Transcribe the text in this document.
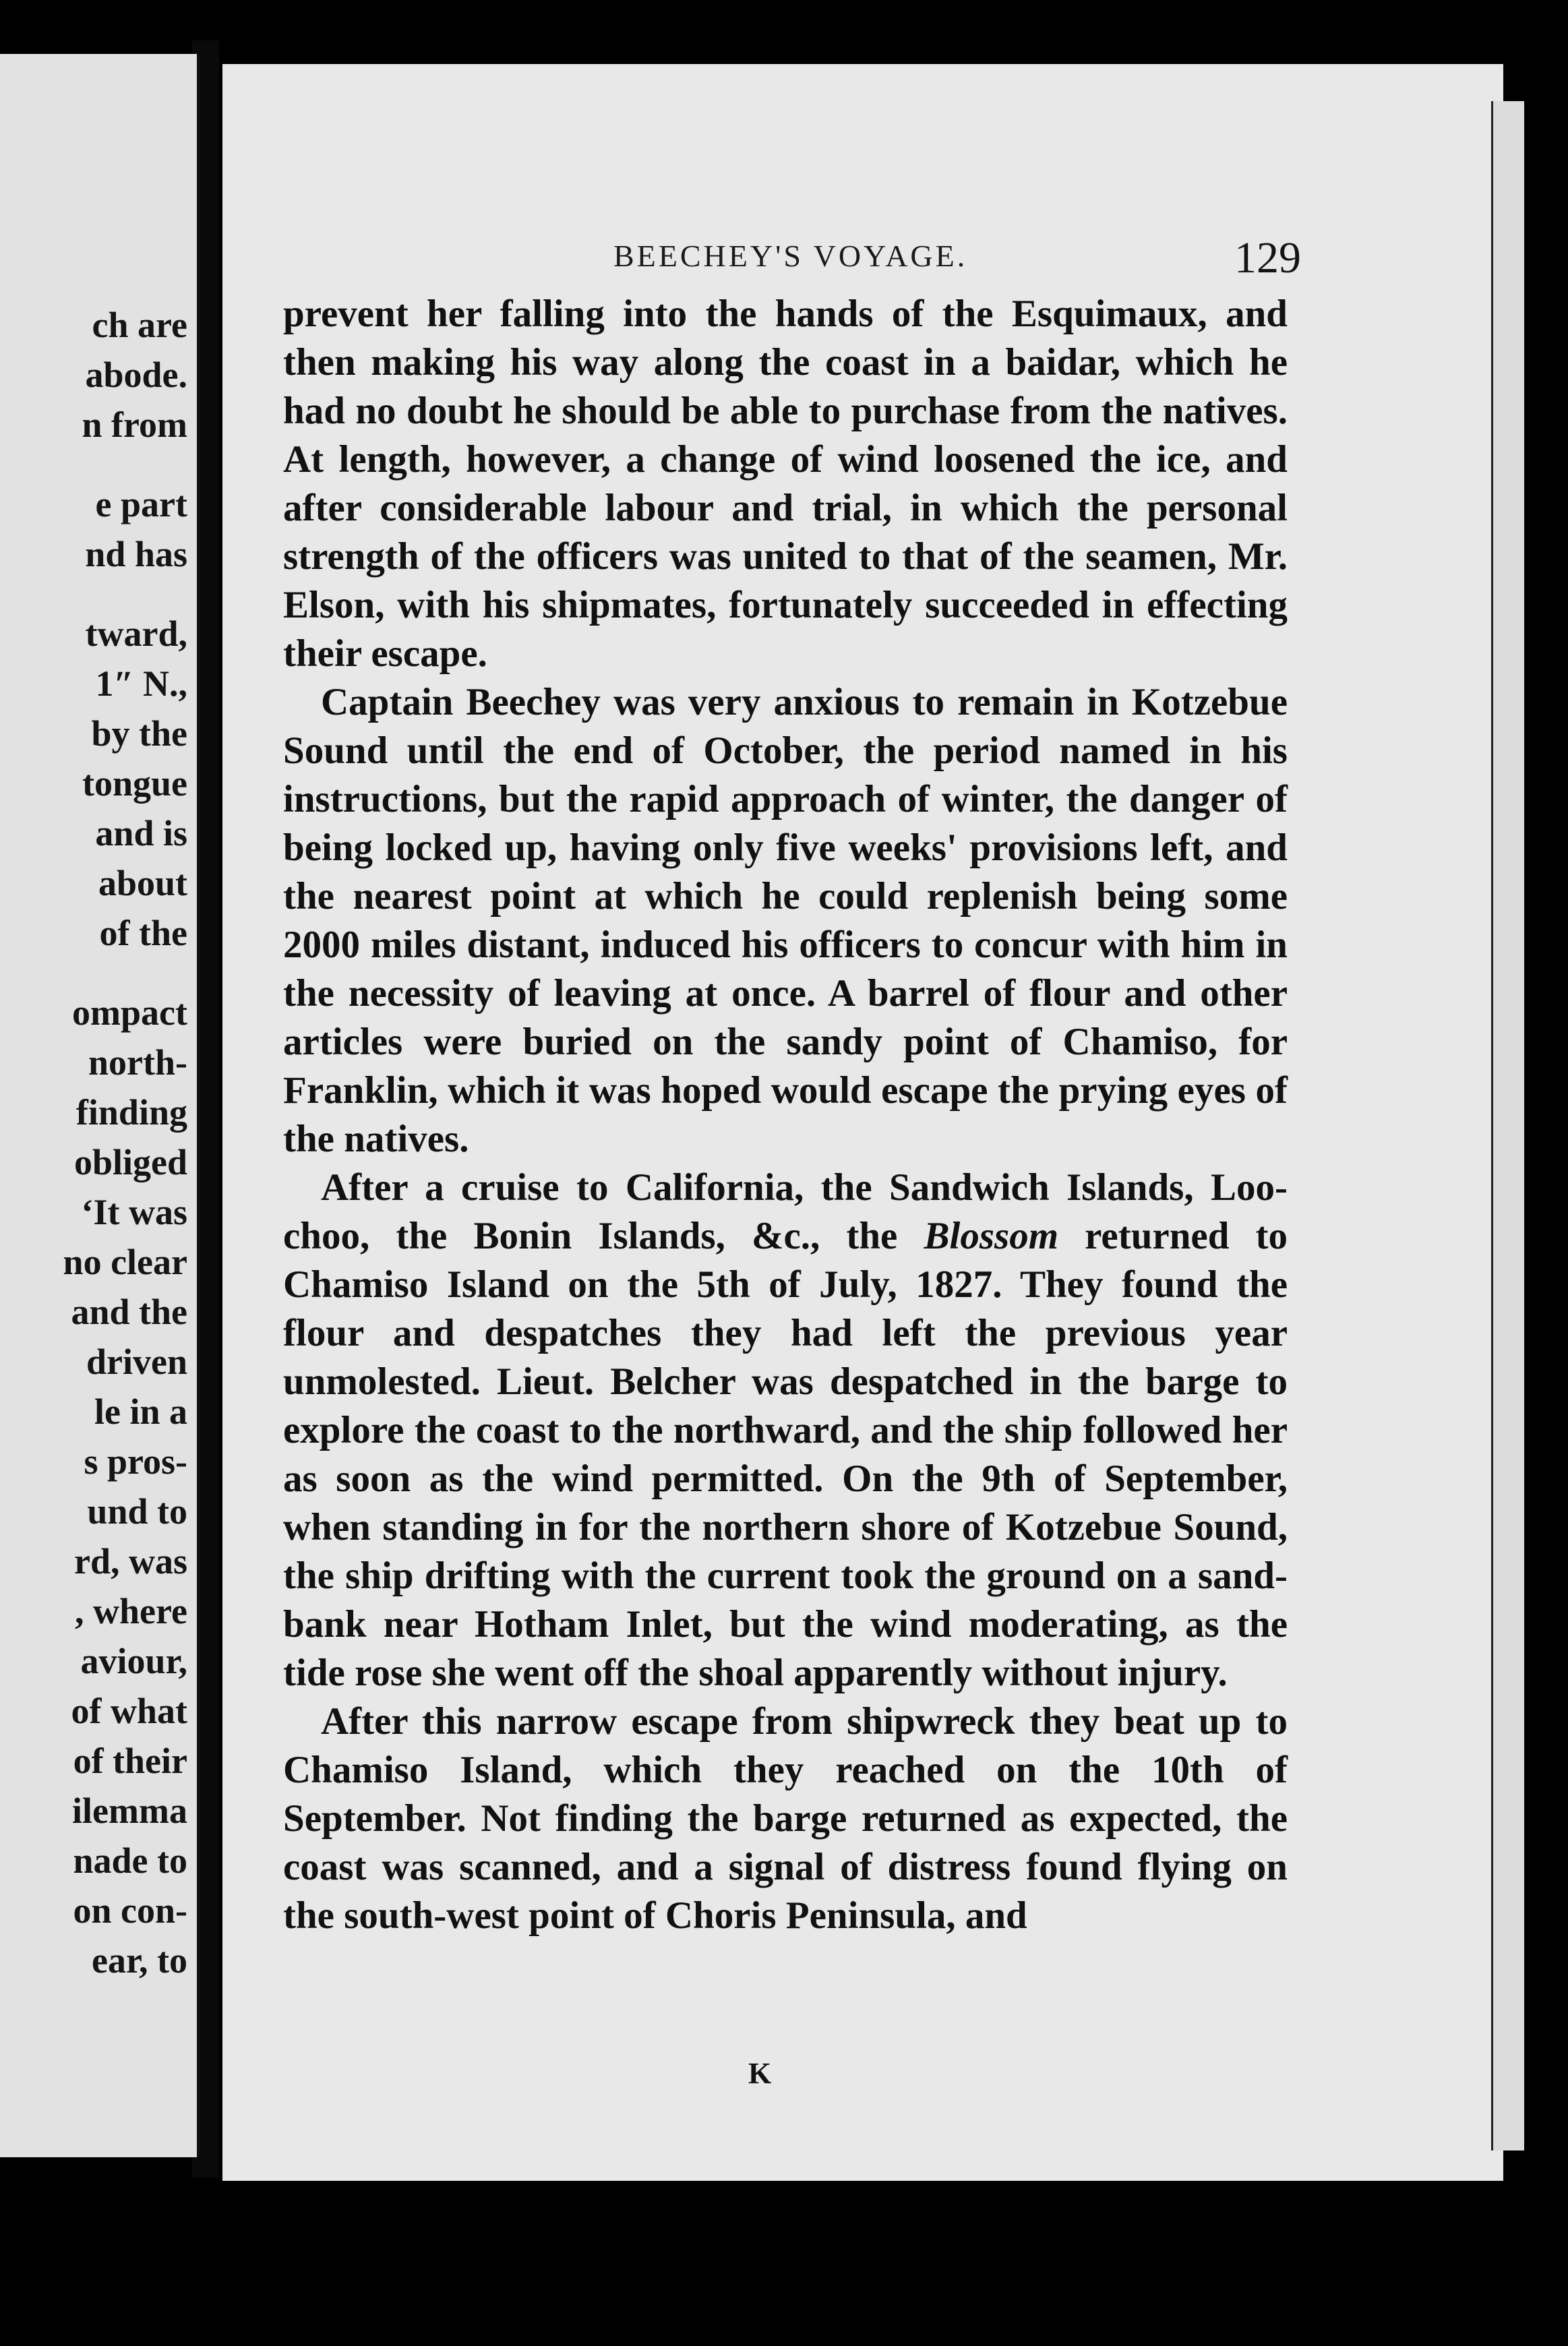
ch are
abode.
n from
e part
nd has
tward,
1″ N.,
by the
tongue
and is
about
of the
ompact
north-
finding
obliged
‘It was
no clear
and the
driven
le in a
s pros-
und to
rd, was
, where
aviour,
of what
of their
ilemma
nade to
on con-
ear, to
BEECHEY'S VOYAGE.	129

prevent her falling into the hands of the Esquimaux, and then making his way along the coast in a baidar, which he had no doubt he should be able to purchase from the natives. At length, however, a change of wind loosened the ice, and after considerable labour and trial, in which the personal strength of the officers was united to that of the seamen, Mr. Elson, with his shipmates, fortunately succeeded in effecting their escape.

Captain Beechey was very anxious to remain in Kotzebue Sound until the end of October, the period named in his instructions, but the rapid approach of winter, the danger of being locked up, having only five weeks' provisions left, and the nearest point at which he could replenish being some 2000 miles distant, induced his officers to concur with him in the necessity of leaving at once. A barrel of flour and other articles were buried on the sandy point of Chamiso, for Franklin, which it was hoped would escape the prying eyes of the natives.

After a cruise to California, the Sandwich Islands, Loo-choo, the Bonin Islands, &c., the Blossom returned to Chamiso Island on the 5th of July, 1827. They found the flour and despatches they had left the previous year unmolested. Lieut. Belcher was despatched in the barge to explore the coast to the northward, and the ship followed her as soon as the wind permitted. On the 9th of September, when standing in for the northern shore of Kotzebue Sound, the ship drifting with the current took the ground on a sand-bank near Hotham Inlet, but the wind moderating, as the tide rose she went off the shoal apparently without injury.

After this narrow escape from shipwreck they beat up to Chamiso Island, which they reached on the 10th of September. Not finding the barge returned as expected, the coast was scanned, and a signal of distress found flying on the south-west point of Choris Peninsula, and

K
